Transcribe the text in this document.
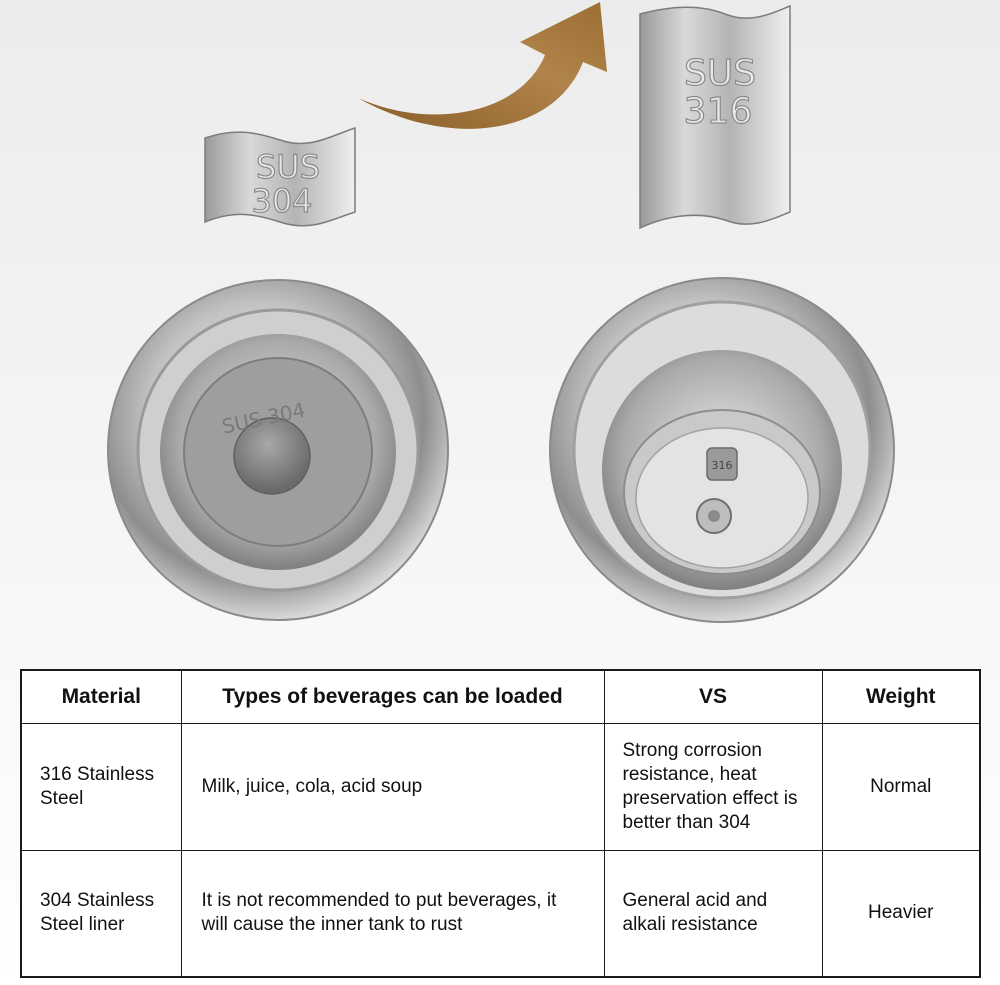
SUS
304
SUS
316
SUS 304
316
Material	Types of beverages can be loaded	VS	Weight
316 Stainless Steel	Milk, juice, cola, acid soup	Strong corrosion resistance, heat preservation effect is better than 304	Normal
304 Stainless Steel liner	It is not recommended to put beverages, it will cause the inner tank to rust	General acid and alkali resistance	Heavier
